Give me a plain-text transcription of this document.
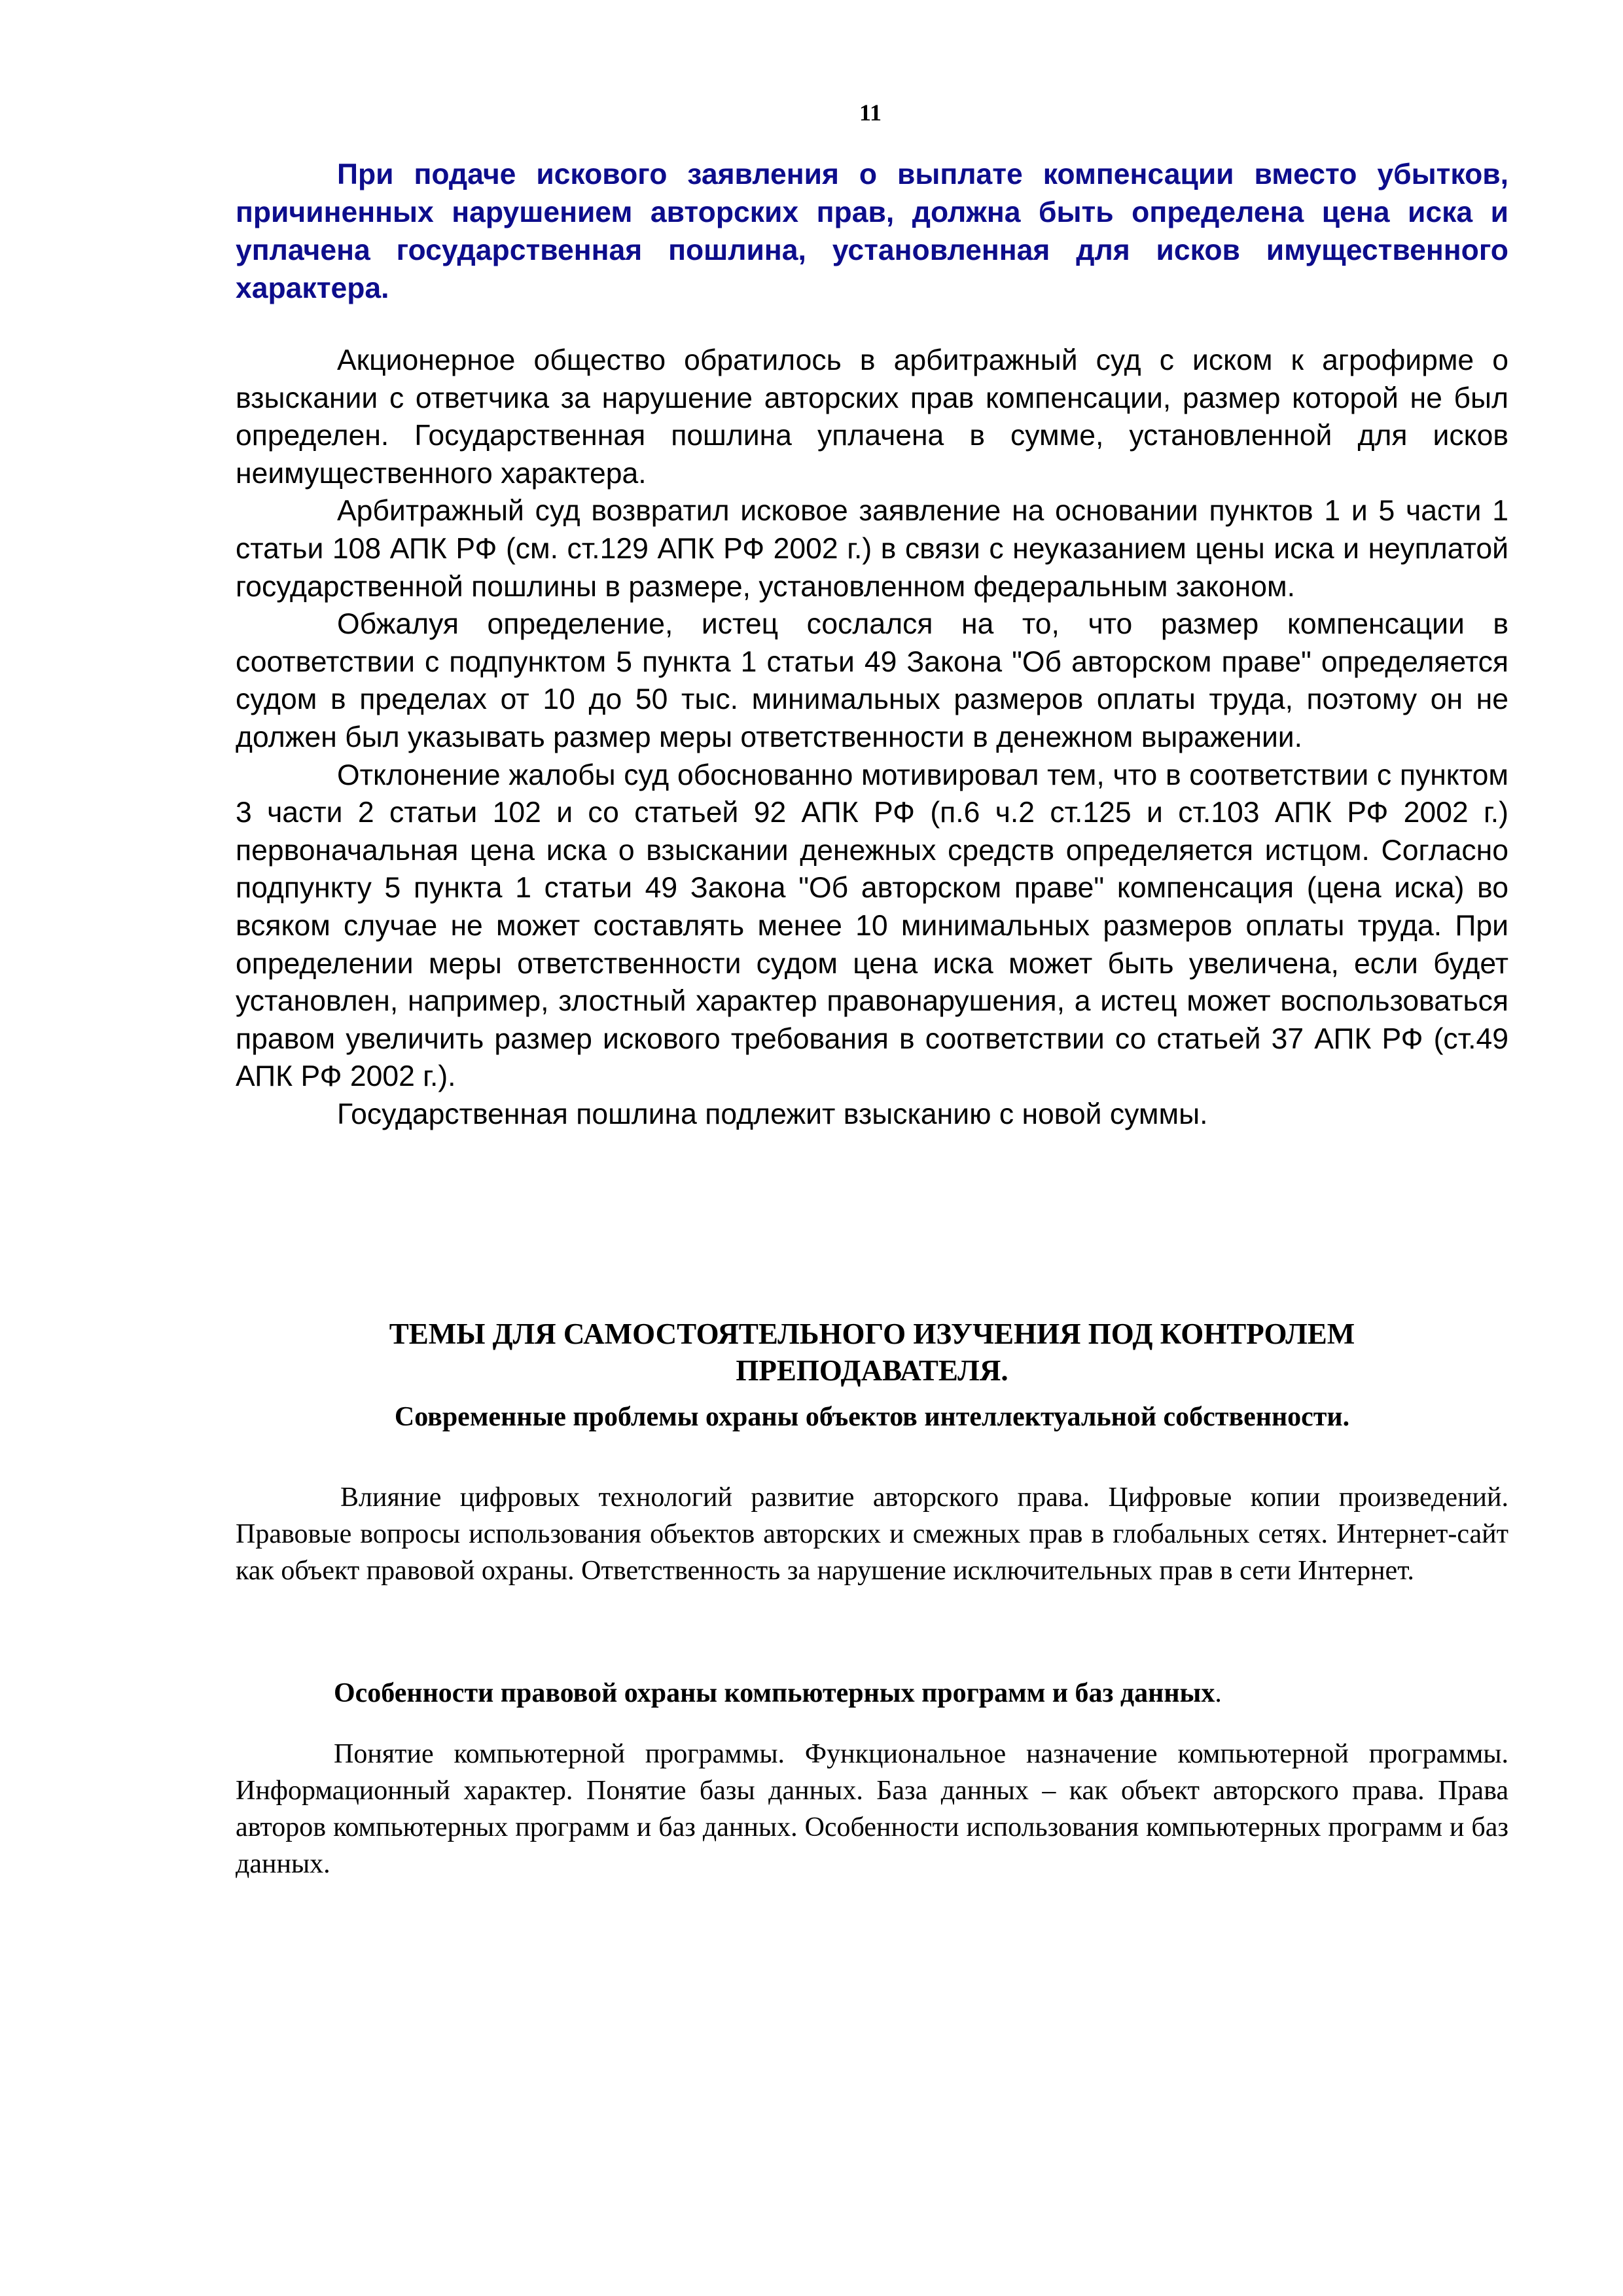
11

При подаче искового заявления о выплате компенсации вместо убытков, причиненных нарушением авторских прав, должна быть определена цена иска и уплачена государственная пошлина, установленная для исков имущественного характера.

Акционерное общество обратилось в арбитражный суд с иском к агрофирме о взыскании с ответчика за нарушение авторских прав компенсации, размер которой не был определен. Государственная пошлина уплачена в сумме, установленной для исков неимущественного характера.

Арбитражный суд возвратил исковое заявление на основании пунктов 1 и 5 части 1 статьи 108 АПК РФ (см. ст.129 АПК РФ 2002 г.) в связи с неуказанием цены иска и неуплатой государственной пошлины в размере, установленном федеральным законом.

Обжалуя определение, истец сослался на то, что размер компенсации в соответствии с подпунктом 5 пункта 1 статьи 49 Закона "Об авторском праве" определяется судом в пределах от 10 до 50 тыс. минимальных размеров оплаты труда, поэтому он не должен был указывать размер меры ответственности в денежном выражении.

Отклонение жалобы суд обоснованно мотивировал тем, что в соответствии с пунктом 3 части 2 статьи 102 и со статьей 92 АПК РФ (п.6 ч.2 ст.125 и ст.103 АПК РФ 2002 г.) первоначальная цена иска о взыскании денежных средств определяется истцом. Согласно подпункту 5 пункта 1 статьи 49 Закона "Об авторском праве" компенсация (цена иска) во всяком случае не может составлять менее 10 минимальных размеров оплаты труда. При определении меры ответственности судом цена иска может быть увеличена, если будет установлен, например, злостный характер правонарушения, а истец может воспользоваться правом увеличить размер искового требования в соответствии со статьей 37 АПК РФ (ст.49 АПК РФ 2002 г.).

Государственная пошлина подлежит взысканию с новой суммы.

ТЕМЫ ДЛЯ САМОСТОЯТЕЛЬНОГО ИЗУЧЕНИЯ ПОД КОНТРОЛЕМ
ПРЕПОДАВАТЕЛЯ.
Современные проблемы охраны объектов интеллектуальной собственности.

Влияние цифровых технологий развитие авторского права. Цифровые копии произведений. Правовые вопросы использования объектов авторских и смежных прав в глобальных сетях. Интернет-сайт как объект правовой охраны. Ответственность за нарушение исключительных прав в сети Интернет.

Особенности правовой охраны компьютерных программ и баз данных.

Понятие компьютерной программы. Функциональное назначение компьютерной программы. Информационный характер. Понятие базы данных. База данных – как объект авторского права. Права авторов компьютерных программ и баз данных. Особенности использования компьютерных программ и баз данных.
